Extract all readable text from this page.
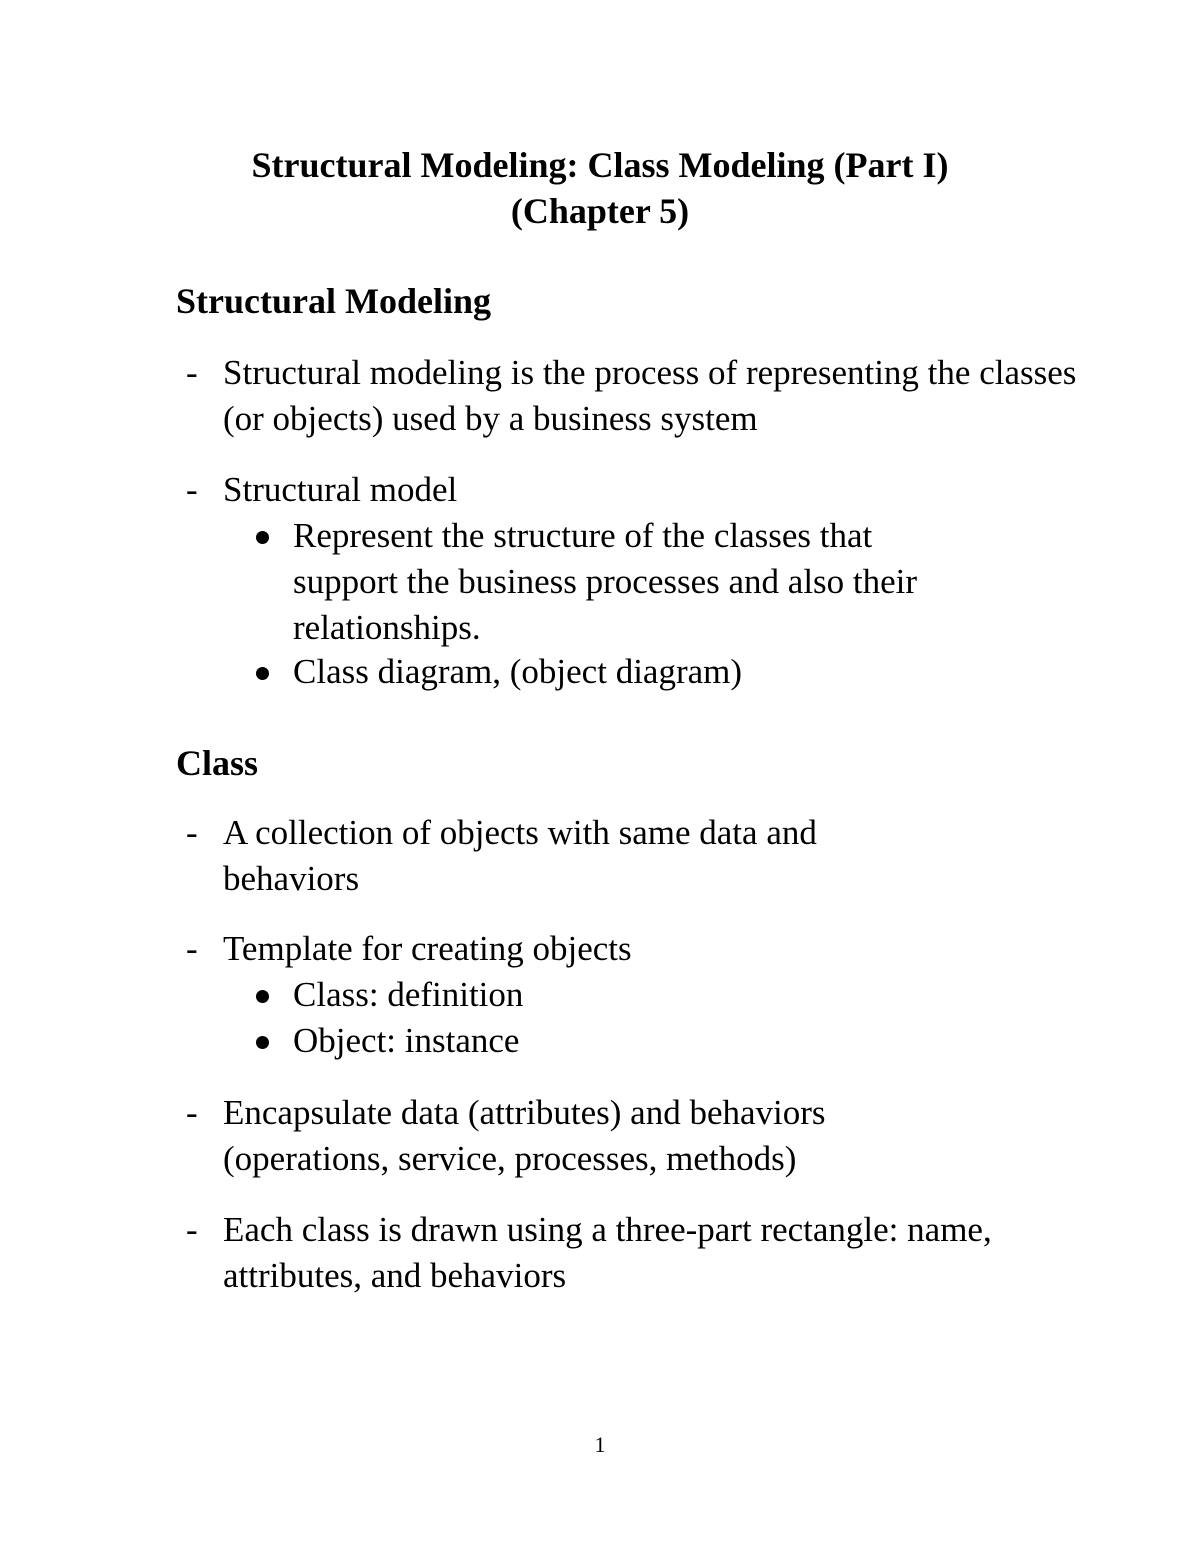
Structural Modeling: Class Modeling (Part I)
(Chapter 5)
Structural Modeling
- Structural modeling is the process of representing the classes (or objects) used by a business system
- Structural model
Represent the structure of the classes that support the business processes and also their relationships.
Class diagram, (object diagram)
Class
- A collection of objects with same data and behaviors
- Template for creating objects
Class: definition
Object: instance
- Encapsulate data (attributes) and behaviors (operations, service, processes, methods)
- Each class is drawn using a three-part rectangle: name, attributes, and behaviors
1
